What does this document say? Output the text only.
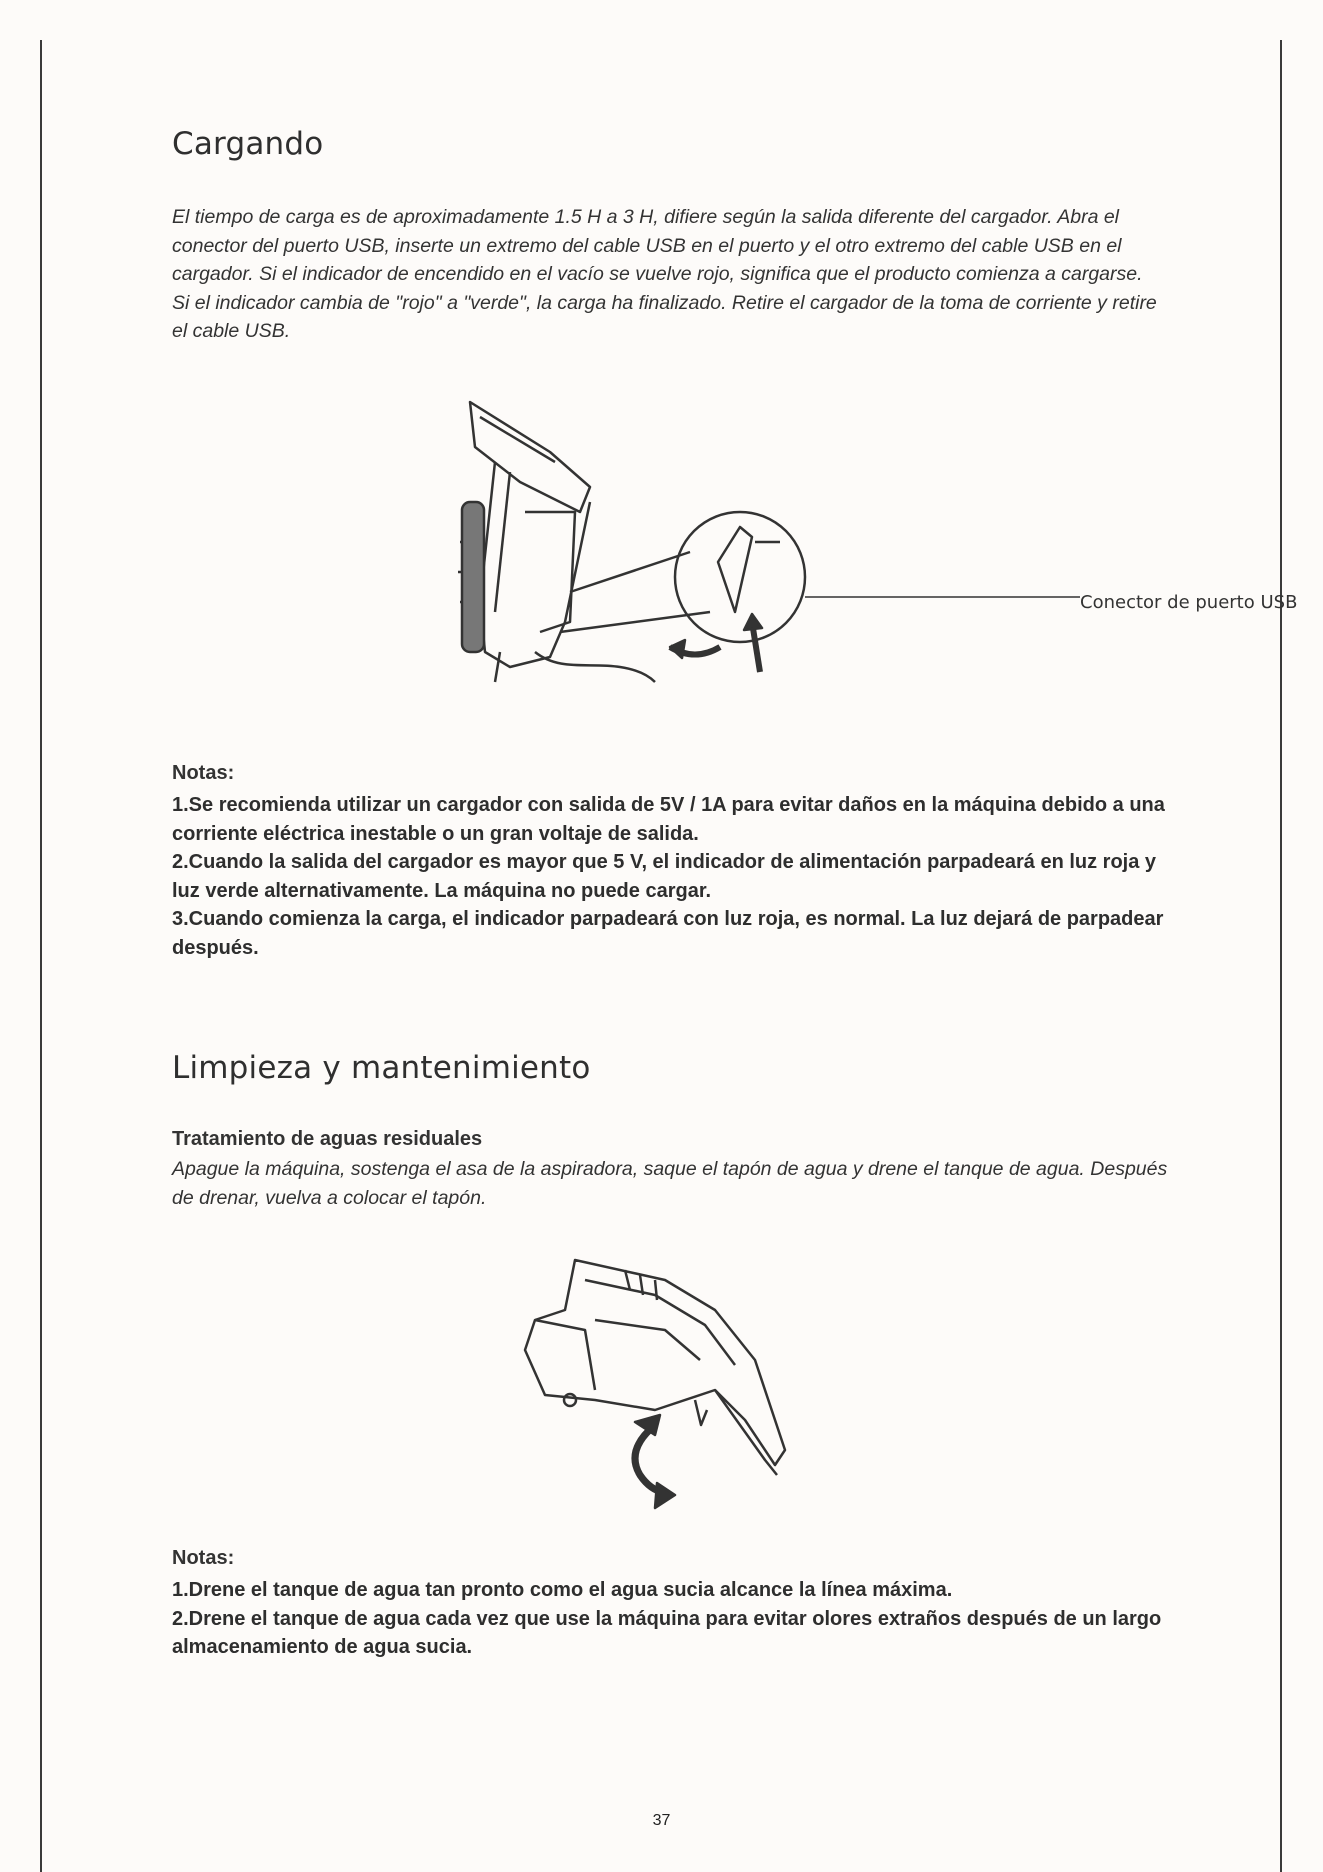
Cargando

El tiempo de carga es de aproximadamente 1.5 H a 3 H, difiere según la salida diferente del cargador. Abra el conector del puerto USB, inserte un extremo del cable USB en el puerto y el otro extremo del cable USB en el cargador. Si el indicador de encendido en el vacío se vuelve rojo, significa que el producto comienza a cargarse.

Si el indicador cambia de "rojo" a "verde", la carga ha finalizado. Retire el cargador de la toma de corriente y retire el cable USB.

Conector de puerto USB

Notas:

1.Se recomienda utilizar un cargador con salida de 5V / 1A para evitar daños en la máquina debido a una corriente eléctrica inestable o un gran voltaje de salida.

2.Cuando la salida del cargador es mayor que 5 V, el indicador de alimentación parpadeará en luz roja y luz verde alternativamente. La máquina no puede cargar.

3.Cuando comienza la carga, el indicador parpadeará con luz roja, es normal. La luz dejará de parpadear después.

Limpieza y mantenimiento

Tratamiento de aguas residuales

Apague la máquina, sostenga el asa de la aspiradora, saque el tapón de agua y drene el tanque de agua. Después de drenar, vuelva a colocar el tapón.

Notas:

1.Drene el tanque de agua tan pronto como el agua sucia alcance la línea máxima.

2.Drene el tanque de agua cada vez que use la máquina para evitar olores extraños después de un largo almacenamiento de agua sucia.

37
